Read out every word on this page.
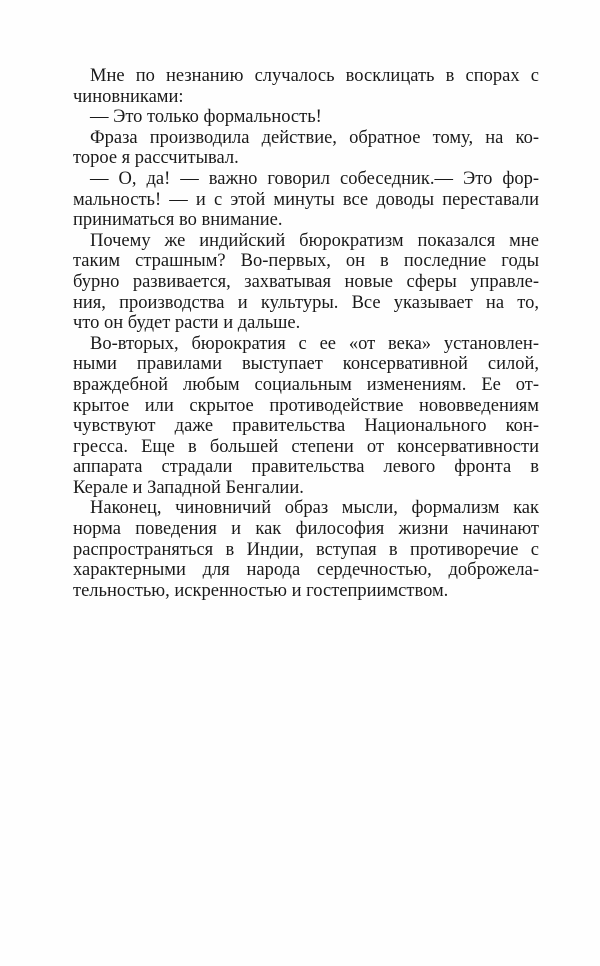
Мне по незнанию случалось восклицать в спорах с
чиновниками:
— Это только формальность!
Фраза производила действие, обратное тому, на ко-
торое я рассчитывал.
— О, да! — важно говорил собеседник.— Это фор-
мальность! — и с этой минуты все доводы переставали
приниматься во внимание.
Почему же индийский бюрократизм показался мне
таким страшным? Во-первых, он в последние годы
бурно развивается, захватывая новые сферы управле-
ния, производства и культуры. Все указывает на то,
что он будет расти и дальше.
Во-вторых, бюрократия с ее «от века» установлен-
ными правилами выступает консервативной силой,
враждебной любым социальным изменениям. Ее от-
крытое или скрытое противодействие нововведениям
чувствуют даже правительства Национального кон-
гресса. Еще в большей степени от консервативности
аппарата страдали правительства левого фронта в
Керале и Западной Бенгалии.
Наконец, чиновничий образ мысли, формализм как
норма поведения и как философия жизни начинают
распространяться в Индии, вступая в противоречие с
характерными для народа сердечностью, доброжела-
тельностью, искренностью и гостеприимством.
